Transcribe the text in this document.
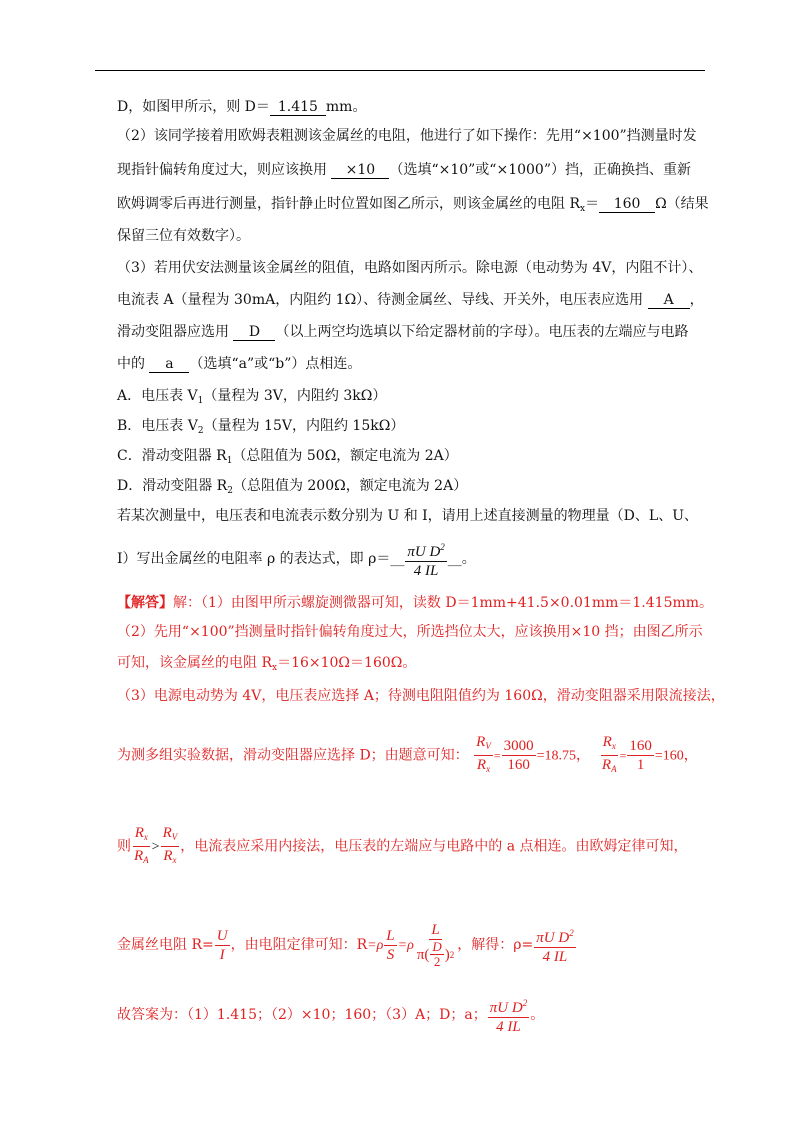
D，如图甲所示，则 D＝ 1.415 mm。
（2）该同学接着用欧姆表粗测该金属丝的电阻，他进行了如下操作：先用“×100”挡测量时发
现指针偏转角度过大，则应该换用 ×10 （选填“×10”或“×1000”）挡，正确换挡、重新
欧姆调零后再进行测量，指针静止时位置如图乙所示，则该金属丝的电阻 $R_x= 160$ Ω（结果
保留三位有效数字）。
（3）若用伏安法测量该金属丝的阻值，电路如图丙所示。除电源（电动势为 4V，内阻不计）、
电流表 A（量程为 30mA，内阻约 1Ω）、待测金属丝、导线、开关外，电压表应选用 A ，
滑动变阻器应选用 D （以上两空均选填以下给定器材前的字母）。电压表的左端应与电路
中的 a （选填“a”或“b”）点相连。
A．电压表 $V_1$（量程为 3V，内阻约 3kΩ）
B．电压表 $V_2$（量程为 15V，内阻约 15kΩ）
C．滑动变阻器 $R_1$（总阻值为 50Ω，额定电流为 2A）
D．滑动变阻器 $R_2$（总阻值为 200Ω，额定电流为 2A）
若某次测量中，电压表和电流表示数分别为 U 和 I，请用上述直接测量的物理量（D、L、U、
I）写出金属丝的电阻率 ρ 的表达式，即 ρ＝__ $\frac{\pi U D^2}{4 IL}$ __。
【解答】解：（1）由图甲所示螺旋测微器可知，读数 D＝1mm+41.5×0.01mm＝1.415mm。
（2）先用“×100”挡测量时指针偏转角度过大，所选挡位太大，应该换用×10 挡；由图乙所示
可知，该金属丝的电阻 $R_x=16\times 10\Omega=160\Omega$。
（3）电源电动势为 4V，电压表应选择 A；待测电阻阻值约为 160Ω，滑动变阻器采用限流接法，
为测多组实验数据，滑动变阻器应选择 D；由题意可知： $\frac{R_V}{R_x} = \frac{3000}{160} =18.75$， $\frac{R_x}{R_A} = \frac{160}{1} =160$，
则 $\frac{R_x}{R_A} > \frac{R_V}{R_x}$ ，电流表应采用内接法，电压表的左端应与电路中的 a 点相连。由欧姆定律可知，
金属丝电阻 $R= \frac{U}{I}$ ，由电阻定律可知：$R=\rho \frac{L}{S} =\rho \frac{L}{\pi( \frac{D}{2} ) 2}$ ，解得：$\rho= \frac{\pi U D^2}{4 IL}$
故答案为：（1）1.415；（2）×10；160；（3）A；D；a； $\frac{\pi U D^2}{4 IL}$ 。
